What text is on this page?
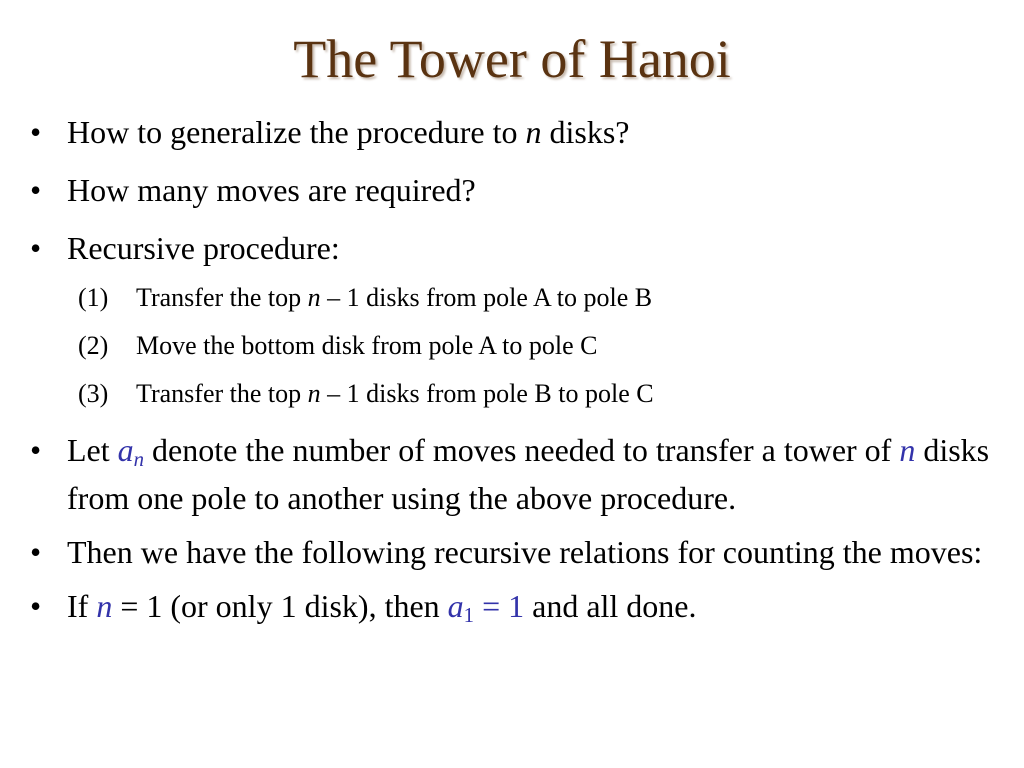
The Tower of Hanoi
• How to generalize the procedure to n disks?
• How many moves are required?
• Recursive procedure:
(1) Transfer the top n – 1 disks from pole A to pole B
(2) Move the bottom disk from pole A to pole C
(3) Transfer the top n – 1 disks from pole B to pole C
• Let $a_n$ denote the number of moves needed to transfer a tower of n disks from one pole to another using the above procedure.
• Then we have the following recursive relations for counting the moves:
• If n = 1 (or only 1 disk), then $a_1 = 1$ and all done.
